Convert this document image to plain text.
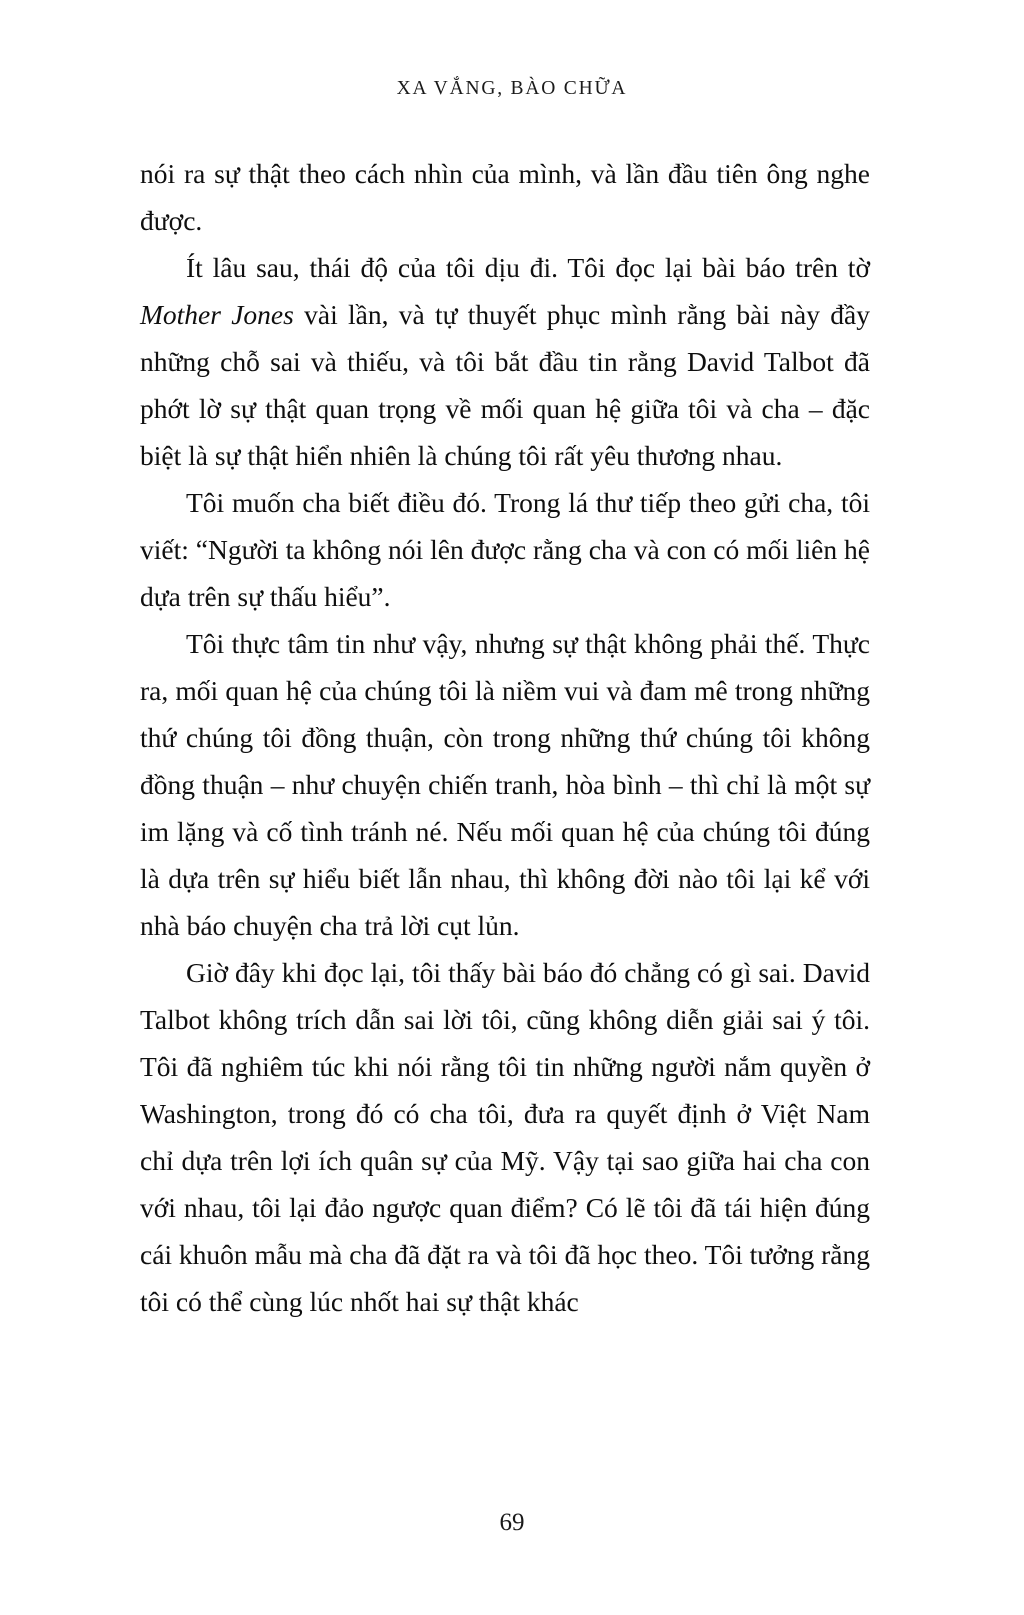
XA VẮNG, BÀO CHỮA

nói ra sự thật theo cách nhìn của mình, và lần đầu tiên ông nghe được.

Ít lâu sau, thái độ của tôi dịu đi. Tôi đọc lại bài báo trên tờ Mother Jones vài lần, và tự thuyết phục mình rằng bài này đầy những chỗ sai và thiếu, và tôi bắt đầu tin rằng David Talbot đã phớt lờ sự thật quan trọng về mối quan hệ giữa tôi và cha – đặc biệt là sự thật hiển nhiên là chúng tôi rất yêu thương nhau.

Tôi muốn cha biết điều đó. Trong lá thư tiếp theo gửi cha, tôi viết: “Người ta không nói lên được rằng cha và con có mối liên hệ dựa trên sự thấu hiểu”.

Tôi thực tâm tin như vậy, nhưng sự thật không phải thế. Thực ra, mối quan hệ của chúng tôi là niềm vui và đam mê trong những thứ chúng tôi đồng thuận, còn trong những thứ chúng tôi không đồng thuận – như chuyện chiến tranh, hòa bình – thì chỉ là một sự im lặng và cố tình tránh né. Nếu mối quan hệ của chúng tôi đúng là dựa trên sự hiểu biết lẫn nhau, thì không đời nào tôi lại kể với nhà báo chuyện cha trả lời cụt lủn.

Giờ đây khi đọc lại, tôi thấy bài báo đó chẳng có gì sai. David Talbot không trích dẫn sai lời tôi, cũng không diễn giải sai ý tôi. Tôi đã nghiêm túc khi nói rằng tôi tin những người nắm quyền ở Washington, trong đó có cha tôi, đưa ra quyết định ở Việt Nam chỉ dựa trên lợi ích quân sự của Mỹ. Vậy tại sao giữa hai cha con với nhau, tôi lại đảo ngược quan điểm? Có lẽ tôi đã tái hiện đúng cái khuôn mẫu mà cha đã đặt ra và tôi đã học theo. Tôi tưởng rằng tôi có thể cùng lúc nhốt hai sự thật khác

69
